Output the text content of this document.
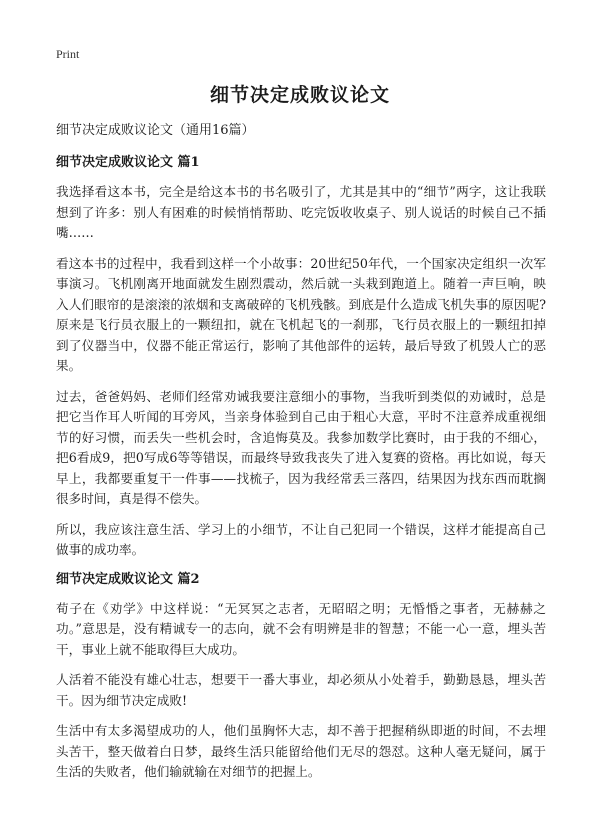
Print
细节决定成败议论文

细节决定成败议论文（通用16篇）

细节决定成败议论文 篇1

我选择看这本书，完全是给这本书的书名吸引了，尤其是其中的“细节”两字，这让我联想到了许多：别人有困难的时候悄悄帮助、吃完饭收收桌子、别人说话的时候自己不插嘴……

看这本书的过程中，我看到这样一个小故事：20世纪50年代，一个国家决定组织一次军事演习。飞机刚离开地面就发生剧烈震动，然后就一头栽到跑道上。随着一声巨响，映入人们眼帘的是滚滚的浓烟和支离破碎的飞机残骸。到底是什么造成飞机失事的原因呢?原来是飞行员衣服上的一颗纽扣，就在飞机起飞的一刹那，飞行员衣服上的一颗纽扣掉到了仪器当中，仪器不能正常运行，影响了其他部件的运转，最后导致了机毁人亡的恶果。

过去，爸爸妈妈、老师们经常劝诫我要注意细小的事物，当我听到类似的劝诫时，总是把它当作耳人听闻的耳旁风，当亲身体验到自己由于粗心大意，平时不注意养成重视细节的好习惯，而丢失一些机会时，含追悔莫及。我参加数学比赛时，由于我的不细心，把6看成9，把0写成6等等错误，而最终导致我丧失了进入复赛的资格。再比如说，每天早上，我都要重复干一件事——找梳子，因为我经常丢三落四，结果因为找东西而耽搁很多时间，真是得不偿失。

所以，我应该注意生活、学习上的小细节，不让自己犯同一个错误，这样才能提高自己做事的成功率。

细节决定成败议论文 篇2

荀子在《劝学》中这样说：“无冥冥之志者，无昭昭之明；无惛惛之事者，无赫赫之功。”意思是，没有精诚专一的志向，就不会有明辨是非的智慧；不能一心一意，埋头苦干，事业上就不能取得巨大成功。

人活着不能没有雄心壮志，想要干一番大事业，却必须从小处着手，勤勤恳恳，埋头苦干。因为细节决定成败!

生活中有太多渴望成功的人，他们虽胸怀大志，却不善于把握稍纵即逝的时间，不去埋头苦干，整天做着白日梦，最终生活只能留给他们无尽的怨怼。这种人毫无疑问，属于生活的失败者，他们输就输在对细节的把握上。
